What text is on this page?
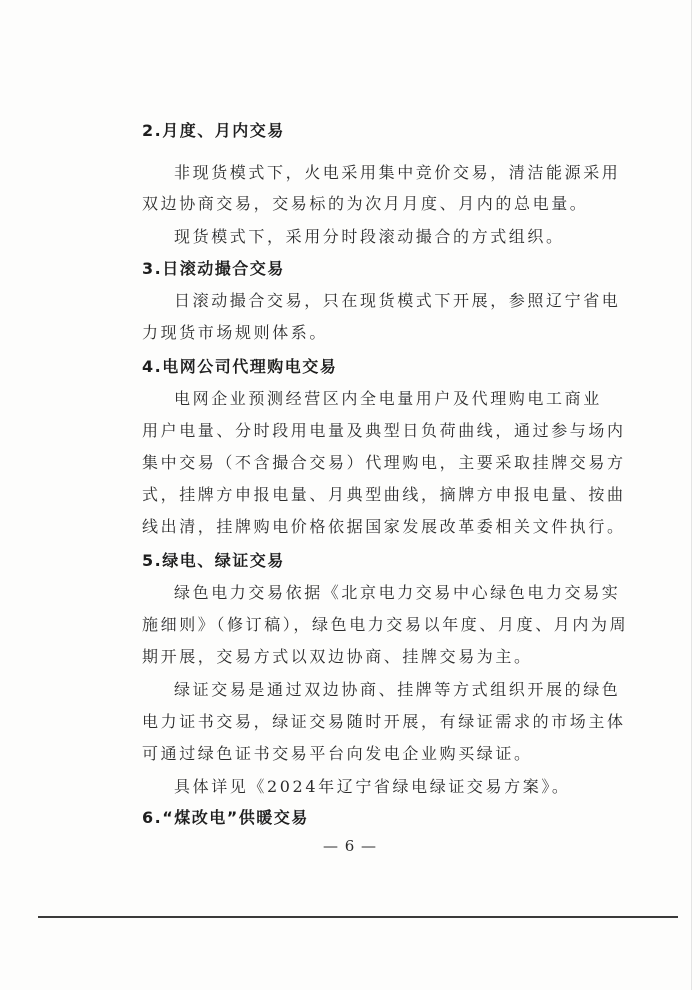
2.月度、月内交易
非现货模式下，火电采用集中竞价交易，清洁能源采用
双边协商交易，交易标的为次月月度、月内的总电量。
现货模式下，采用分时段滚动撮合的方式组织。
3.日滚动撮合交易
日滚动撮合交易，只在现货模式下开展，参照辽宁省电
力现货市场规则体系。
4.电网公司代理购电交易
电网企业预测经营区内全电量用户及代理购电工商业
用户电量、分时段用电量及典型日负荷曲线，通过参与场内
集中交易（不含撮合交易）代理购电，主要采取挂牌交易方
式，挂牌方申报电量、月典型曲线，摘牌方申报电量、按曲
线出清，挂牌购电价格依据国家发展改革委相关文件执行。
5.绿电、绿证交易
绿色电力交易依据《北京电力交易中心绿色电力交易实
施细则》（修订稿），绿色电力交易以年度、月度、月内为周
期开展，交易方式以双边协商、挂牌交易为主。
绿证交易是通过双边协商、挂牌等方式组织开展的绿色
电力证书交易，绿证交易随时开展，有绿证需求的市场主体
可通过绿色证书交易平台向发电企业购买绿证。
具体详见《2024年辽宁省绿电绿证交易方案》。
6.“煤改电”供暖交易
— 6 —
